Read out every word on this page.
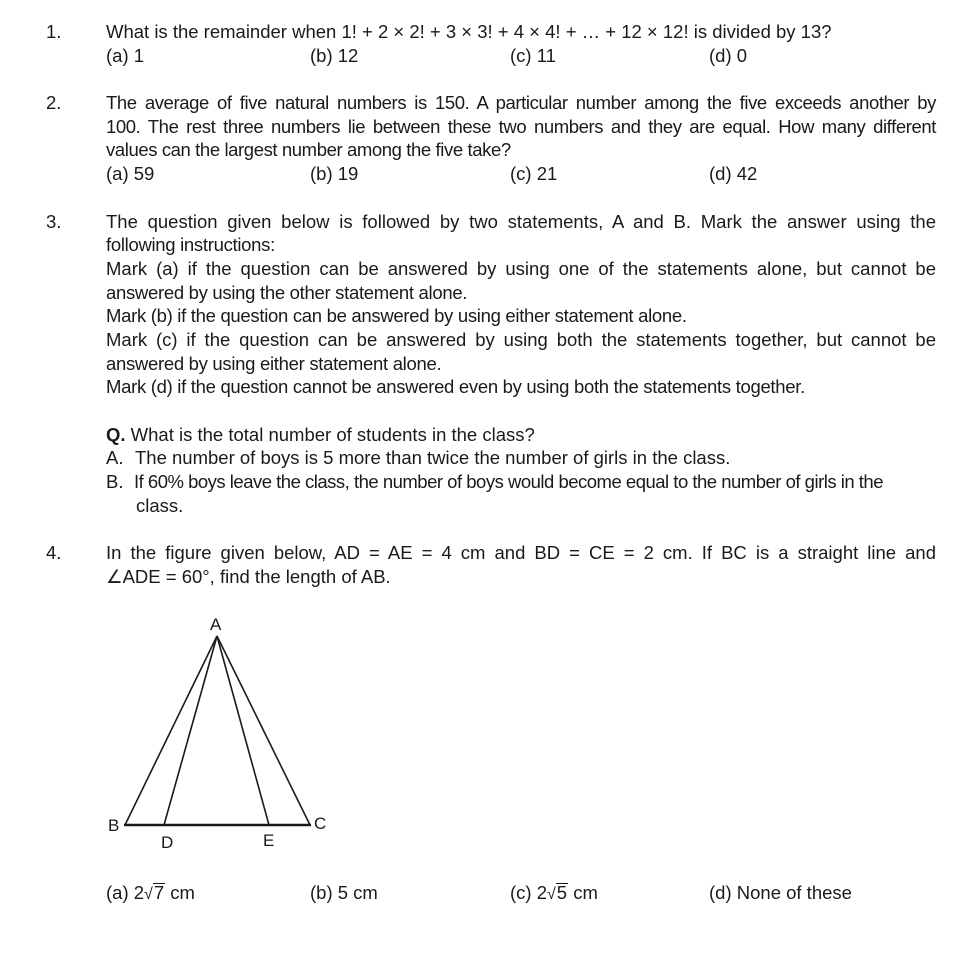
1. What is the remainder when 1! + 2 × 2! + 3 × 3! + 4 × 4! + … + 12 × 12! is divided by 13?
(a) 1	(b) 12	(c) 11	(d) 0
2. The average of five natural numbers is 150. A particular number among the five exceeds another by
100. The rest three numbers lie between these two numbers and they are equal. How many different
values can the largest number among the five take?
(a) 59	(b) 19	(c) 21	(d) 42
3. The question given below is followed by two statements, A and B. Mark the answer using the
following instructions:
Mark (a) if the question can be answered by using one of the statements alone, but cannot be
answered by using the other statement alone.
Mark (b) if the question can be answered by using either statement alone.
Mark (c) if the question can be answered by using both the statements together, but cannot be
answered by using either statement alone.
Mark (d) if the question cannot be answered even by using both the statements together.
Q. What is the total number of students in the class?
A. The number of boys is 5 more than twice the number of girls in the class.
B. If 60% boys leave the class, the number of boys would become equal to the number of girls in the
class.
4. In the figure given below, AD = AE = 4 cm and BD = CE = 2 cm. If BC is a straight line and
∠ADE = 60°, find the length of AB.
A
B	C
D	E
(a) 2√7 cm	(b) 5 cm	(c) 2√5 cm	(d) None of these
